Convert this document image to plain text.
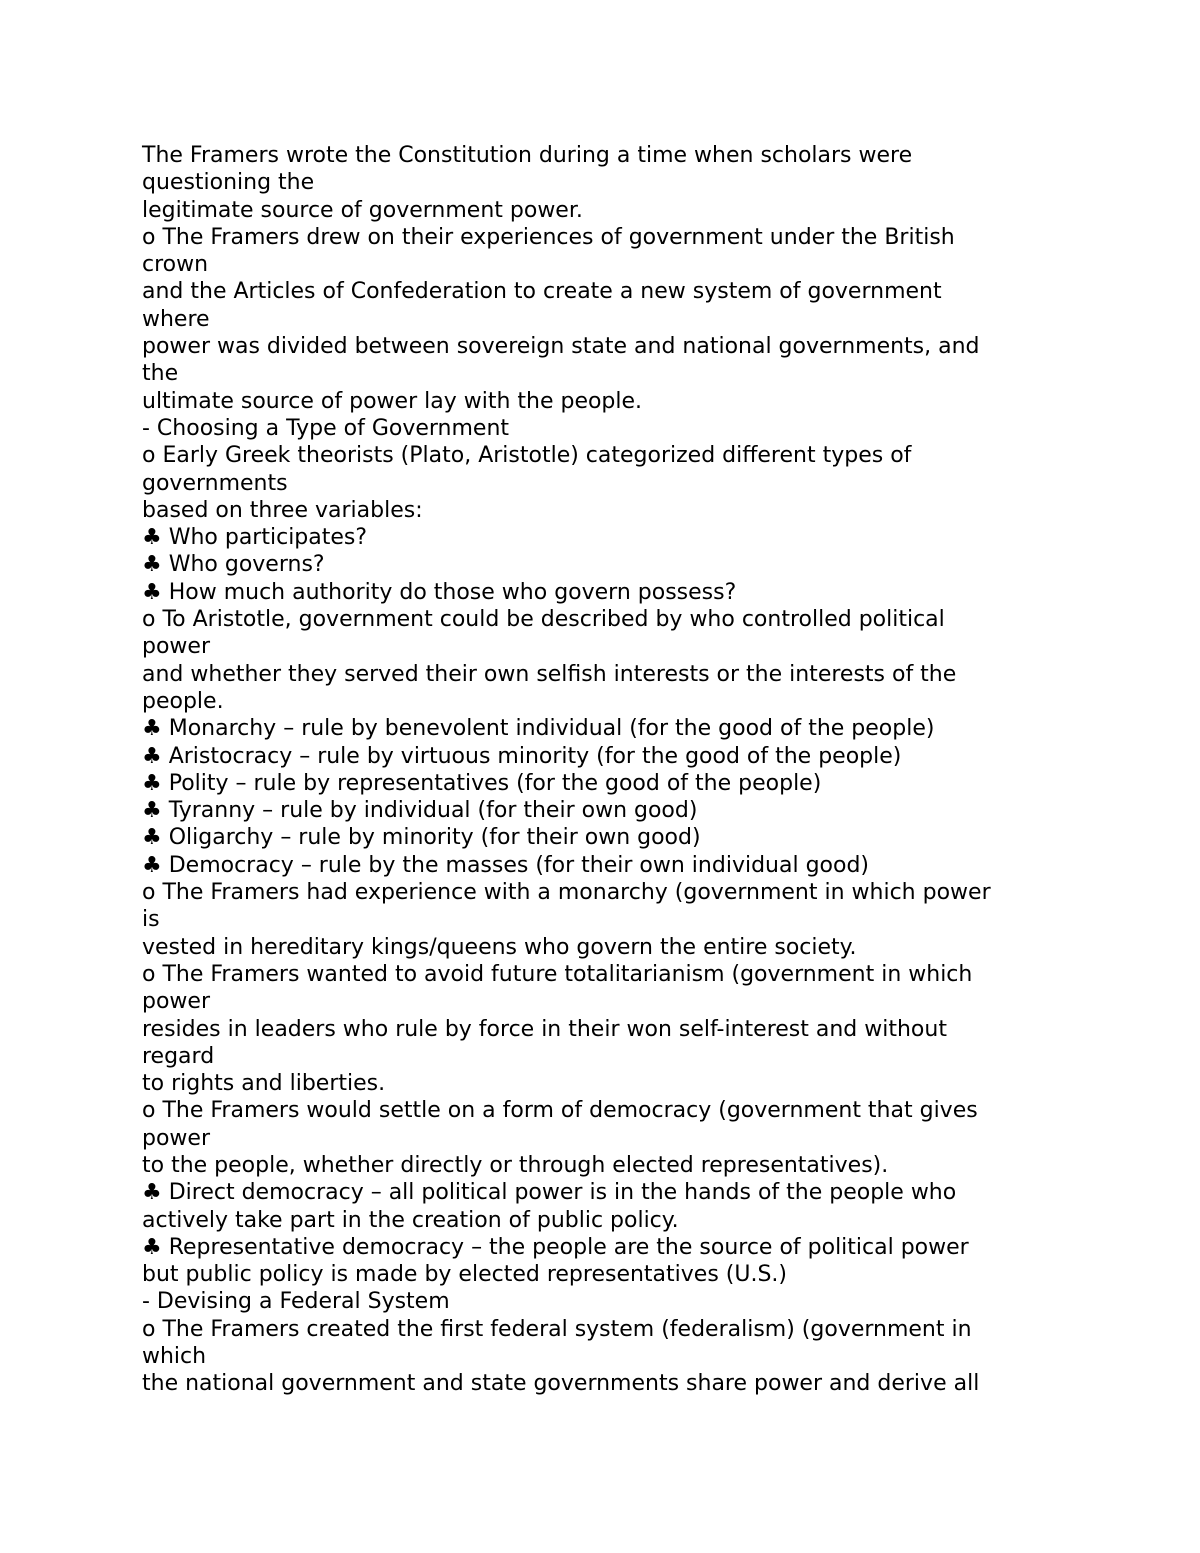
The Framers wrote the Constitution during a time when scholars were
questioning the
legitimate source of government power.
o The Framers drew on their experiences of government under the British
crown
and the Articles of Confederation to create a new system of government
where
power was divided between sovereign state and national governments, and
the
ultimate source of power lay with the people.
- Choosing a Type of Government
o Early Greek theorists (Plato, Aristotle) categorized different types of
governments
based on three variables:
♣ Who participates?
♣ Who governs?
♣ How much authority do those who govern possess?
o To Aristotle, government could be described by who controlled political
power
and whether they served their own selfish interests or the interests of the
people.
♣ Monarchy – rule by benevolent individual (for the good of the people)
♣ Aristocracy – rule by virtuous minority (for the good of the people)
♣ Polity – rule by representatives (for the good of the people)
♣ Tyranny – rule by individual (for their own good)
♣ Oligarchy – rule by minority (for their own good)
♣ Democracy – rule by the masses (for their own individual good)
o The Framers had experience with a monarchy (government in which power
is
vested in hereditary kings/queens who govern the entire society.
o The Framers wanted to avoid future totalitarianism (government in which
power
resides in leaders who rule by force in their won self-interest and without
regard
to rights and liberties.
o The Framers would settle on a form of democracy (government that gives
power
to the people, whether directly or through elected representatives).
♣ Direct democracy – all political power is in the hands of the people who
actively take part in the creation of public policy.
♣ Representative democracy – the people are the source of political power
but public policy is made by elected representatives (U.S.)
- Devising a Federal System
o The Framers created the first federal system (federalism) (government in
which
the national government and state governments share power and derive all
